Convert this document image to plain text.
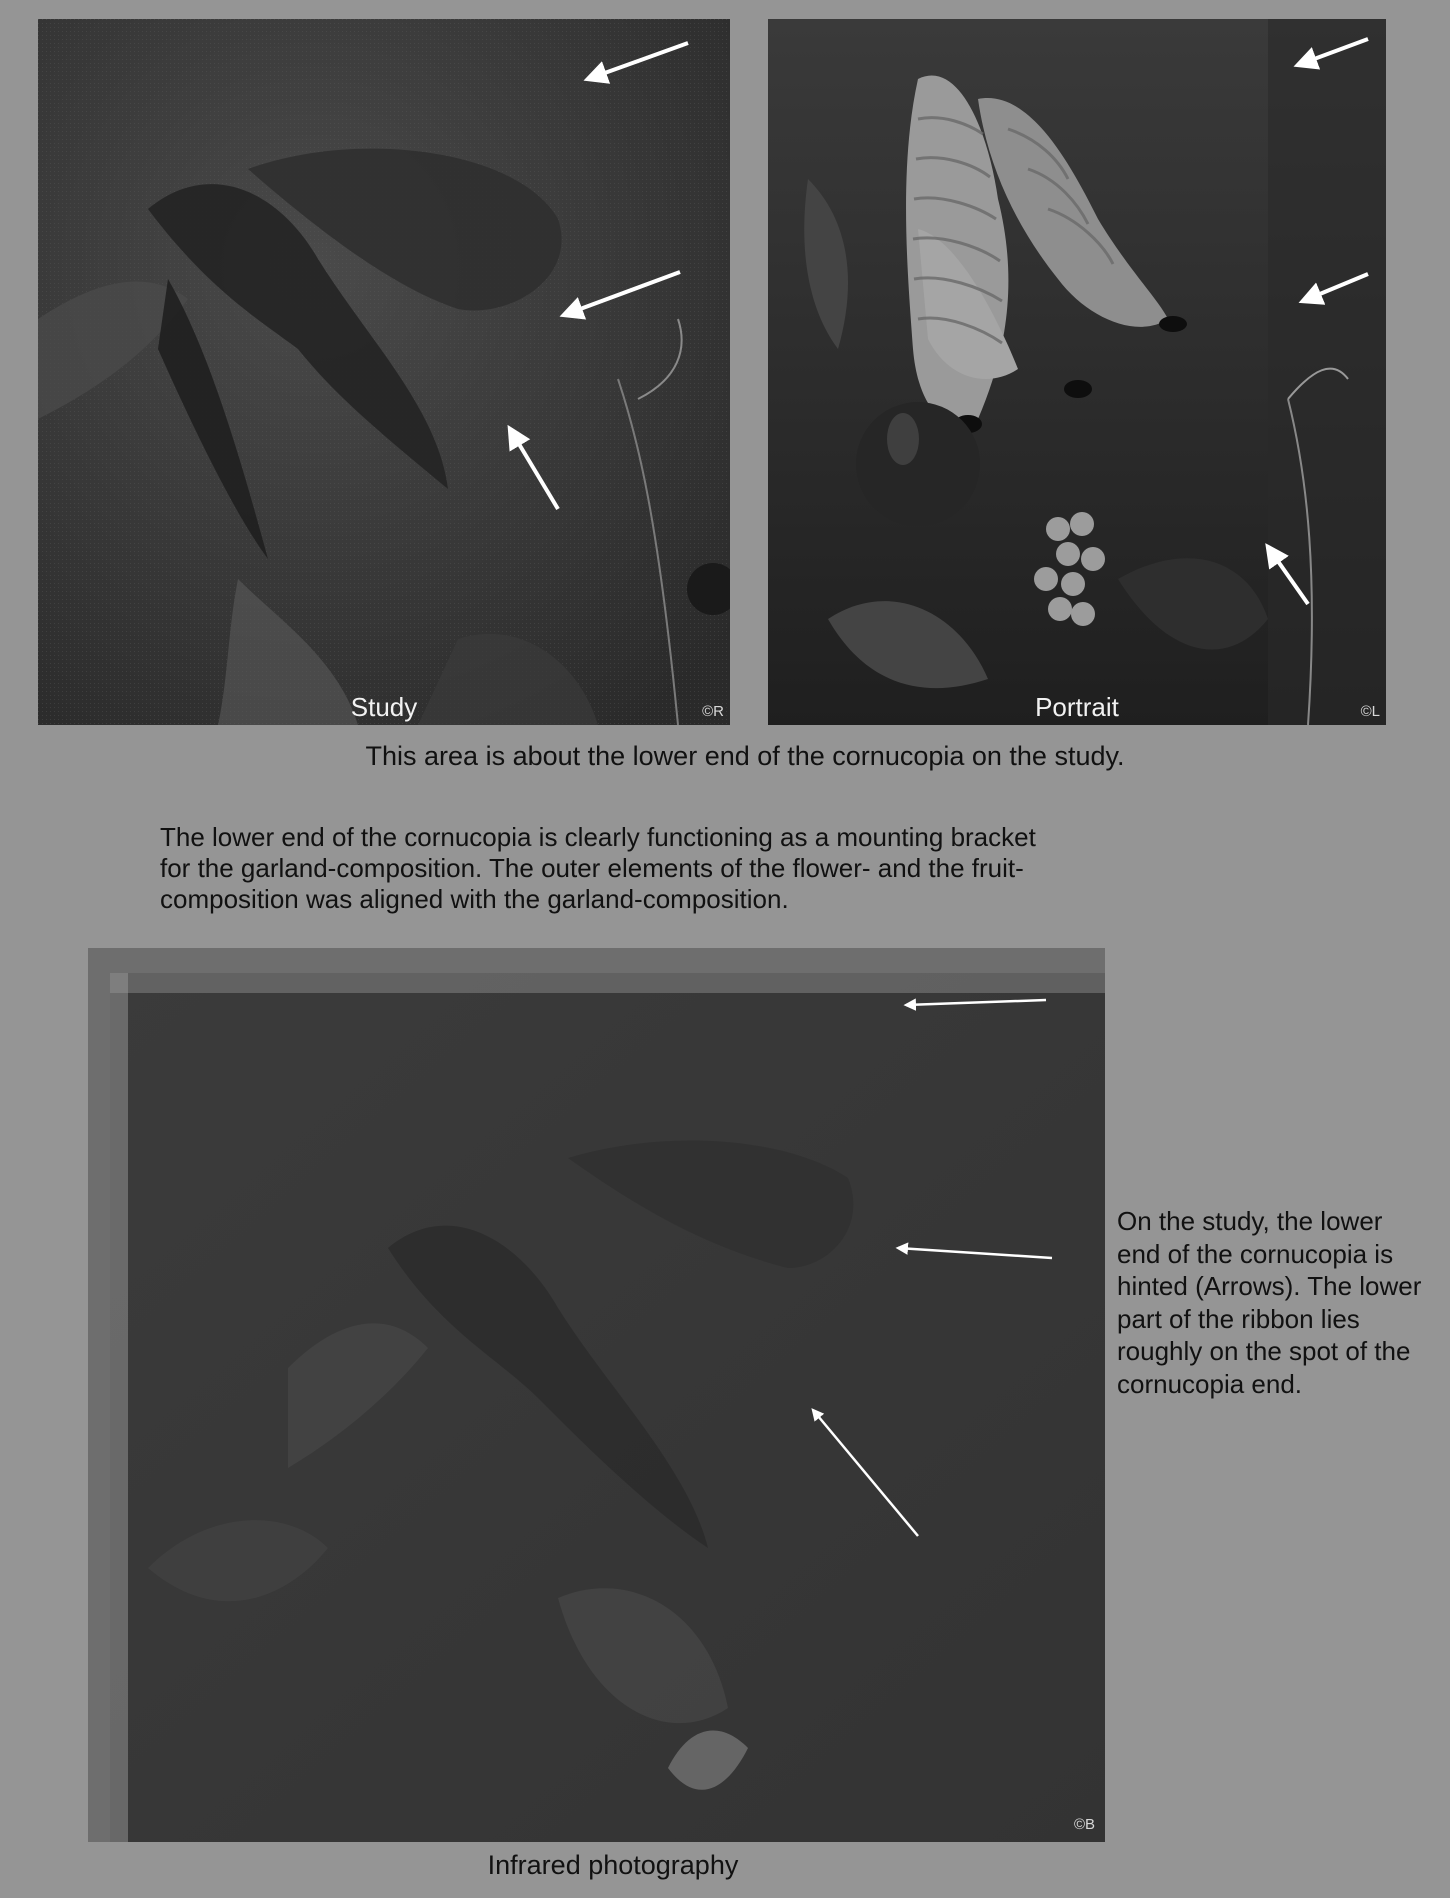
Study	©R	Portrait	©L
This area is about the lower end of the cornucopia on the study.
The lower end of the cornucopia is clearly functioning as a mounting bracket for the garland-composition. The outer elements of the flower- and the fruit-composition was aligned with the garland-composition.
©B
On the study, the lower end of the cornucopia is hinted (Arrows). The lower part of the ribbon lies roughly on the spot of the cornucopia end.
Infrared photography
